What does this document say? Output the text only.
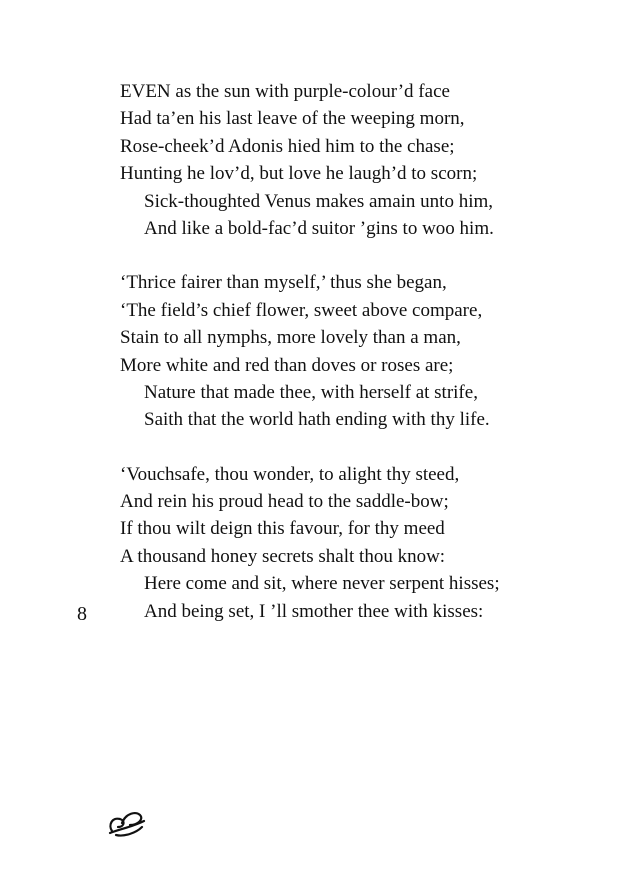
EVEN as the sun with purple-colour’d face
Had ta’en his last leave of the weeping morn,
Rose-cheek’d Adonis hied him to the chase;
Hunting he lov’d, but love he laugh’d to scorn;
Sick-thoughted Venus makes amain unto him,
And like a bold-fac’d suitor ’gins to woo him.
‘Thrice fairer than myself,’ thus she began,
‘The field’s chief flower, sweet above compare,
Stain to all nymphs, more lovely than a man,
More white and red than doves or roses are;
Nature that made thee, with herself at strife,
Saith that the world hath ending with thy life.
‘Vouchsafe, thou wonder, to alight thy steed,
And rein his proud head to the saddle-bow;
If thou wilt deign this favour, for thy meed
A thousand honey secrets shalt thou know:
Here come and sit, where never serpent hisses;
And being set, I ’ll smother thee with kisses:
8
